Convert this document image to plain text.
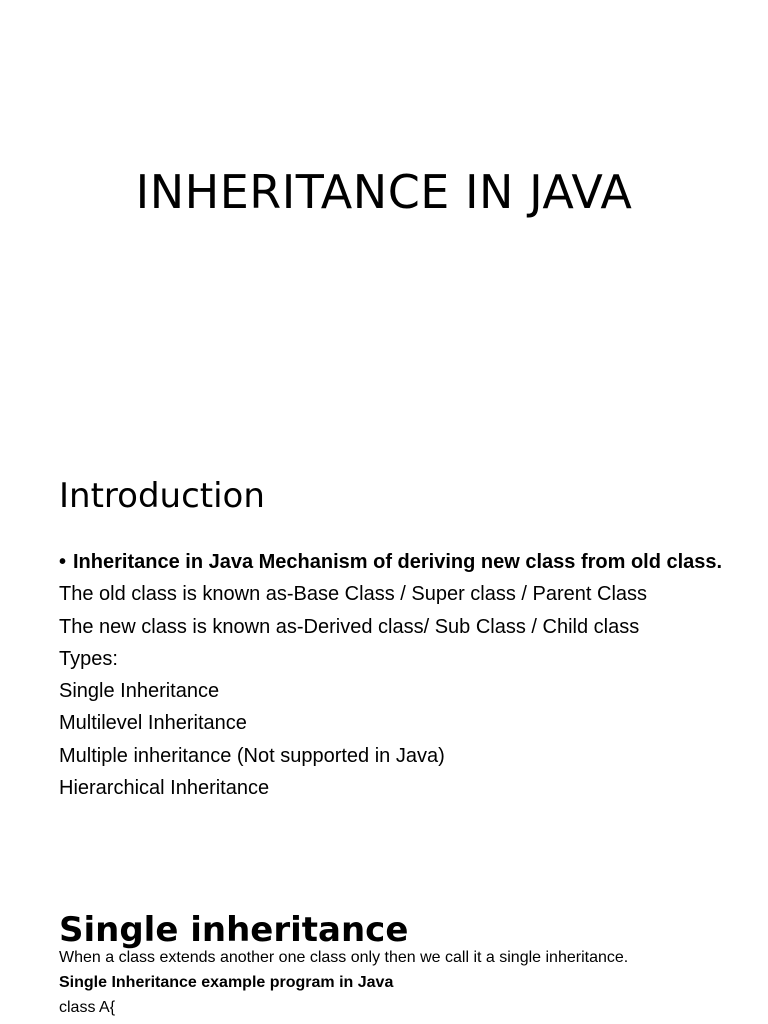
INHERITANCE IN JAVA
Introduction
• Inheritance in Java Mechanism of deriving new class from old class.
The old class is known as-Base Class / Super class / Parent Class
The new class is known as-Derived class/ Sub Class / Child class
Types:
Single Inheritance
Multilevel Inheritance
Multiple inheritance (Not supported in Java)
Hierarchical Inheritance
Single inheritance
When a class extends another one class only then we call it a single inheritance.
Single Inheritance example program in Java
class A{
